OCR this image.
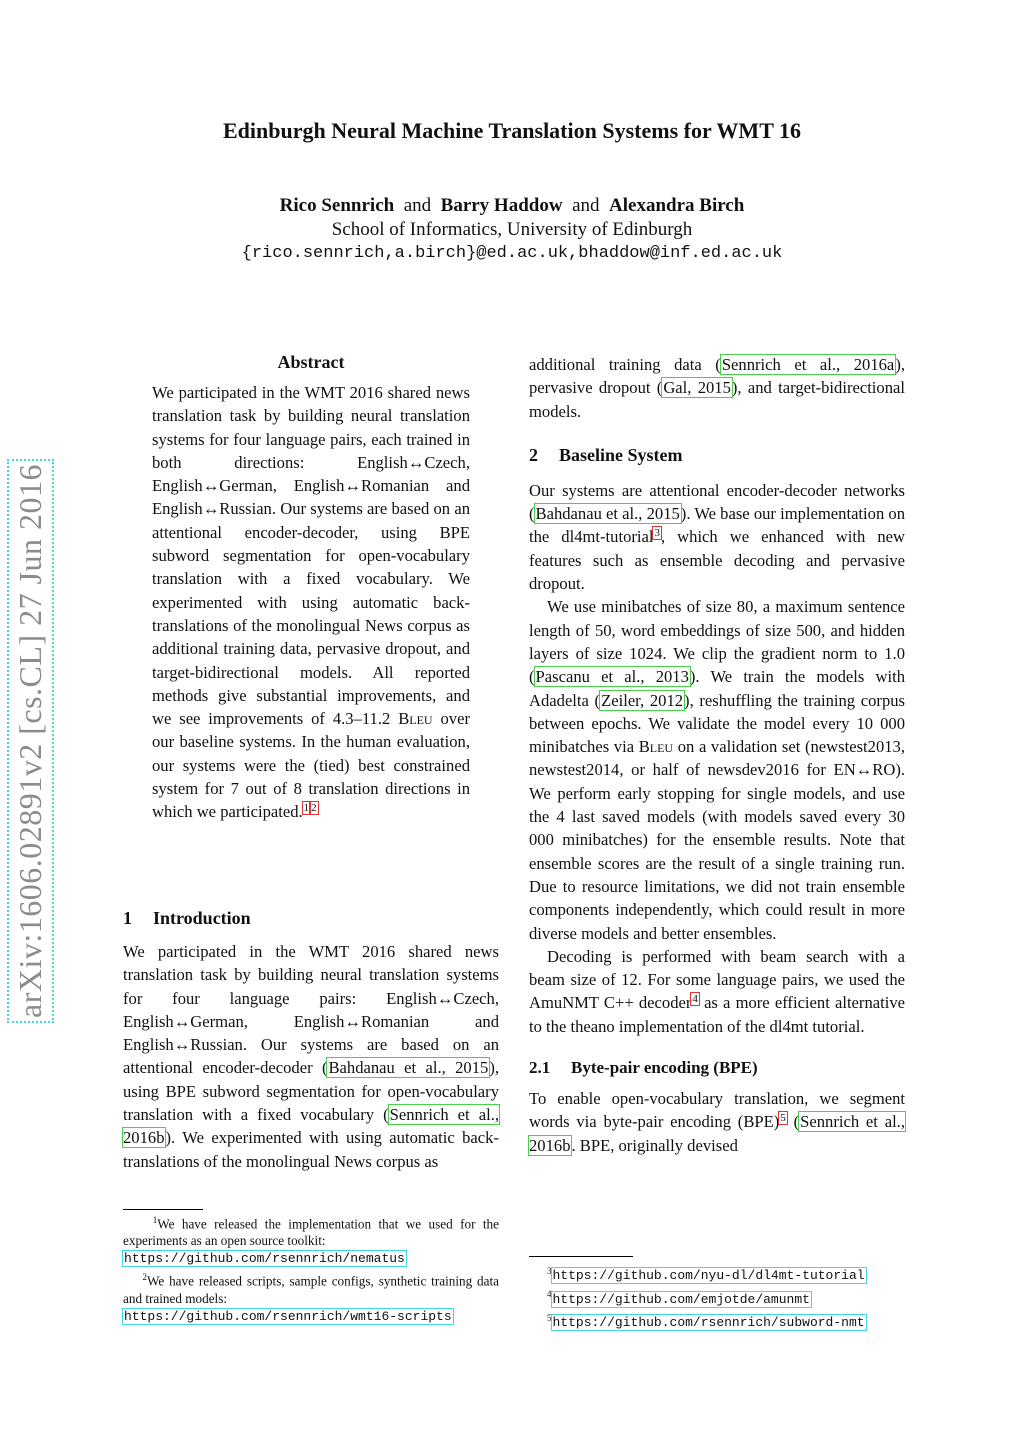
Edinburgh Neural Machine Translation Systems for WMT 16
Rico Sennrich and Barry Haddow and Alexandra Birch
School of Informatics, University of Edinburgh
{rico.sennrich,a.birch}@ed.ac.uk,bhaddow@inf.ed.ac.uk
arXiv:1606.02891v2 [cs.CL] 27 Jun 2016
Abstract
We participated in the WMT 2016 shared news translation task by building neural translation systems for four language pairs, each trained in both directions: English↔Czech, English↔German, English↔Romanian and English↔Russian. Our systems are based on an attentional encoder-decoder, using BPE subword segmentation for open-vocabulary translation with a fixed vocabulary. We experimented with using automatic back-translations of the monolingual News corpus as additional training data, pervasive dropout, and target-bidirectional models. All reported methods give substantial improvements, and we see improvements of 4.3–11.2 Bleu over our baseline systems. In the human evaluation, our systems were the (tied) best constrained system for 7 out of 8 translation directions in which we participated.$^1$ $^2$
1 Introduction
We participated in the WMT 2016 shared news translation task by building neural translation systems for four language pairs: English↔Czech, English↔German, English↔Romanian and English↔Russian. Our systems are based on an attentional encoder-decoder (Bahdanau et al., 2015), using BPE subword segmentation for open-vocabulary translation with a fixed vocabulary (Sennrich et al., 2016b). We experimented with using automatic back-translations of the monolingual News corpus as
$^1$We have released the implementation that we used for the experiments as an open source toolkit:
https://github.com/rsennrich/nematus
$^2$We have released scripts, sample configs, synthetic training data and trained models:
https://github.com/rsennrich/wmt16-scripts
additional training data (Sennrich et al., 2016a), pervasive dropout (Gal, 2015), and target-bidirectional models.
2 Baseline System

Our systems are attentional encoder-decoder networks (Bahdanau et al., 2015). We base our implementation on the dl4mt-tutorial$^3$, which we enhanced with new features such as ensemble decoding and pervasive dropout.

We use minibatches of size 80, a maximum sentence length of 50, word embeddings of size 500, and hidden layers of size 1024. We clip the gradient norm to 1.0 (Pascanu et al., 2013). We train the models with Adadelta (Zeiler, 2012), reshuffling the training corpus between epochs. We validate the model every 10 000 minibatches via Bleu on a validation set (newstest2013, newstest2014, or half of newsdev2016 for EN↔RO). We perform early stopping for single models, and use the 4 last saved models (with models saved every 30 000 minibatches) for the ensemble results. Note that ensemble scores are the result of a single training run. Due to resource limitations, we did not train ensemble components independently, which could result in more diverse models and better ensembles.

Decoding is performed with beam search with a beam size of 12. For some language pairs, we used the AmuNMT C++ decoder$^4$ as a more efficient alternative to the theano implementation of the dl4mt tutorial.

2.1 Byte-pair encoding (BPE)
To enable open-vocabulary translation, we segment words via byte-pair encoding (BPE)$^5$ (Sennrich et al., 2016b. BPE, originally devised
$^3$https://github.com/nyu-dl/dl4mt-tutorial
$^4$https://github.com/emjotde/amunmt
$^5$https://github.com/rsennrich/subword-nmt
